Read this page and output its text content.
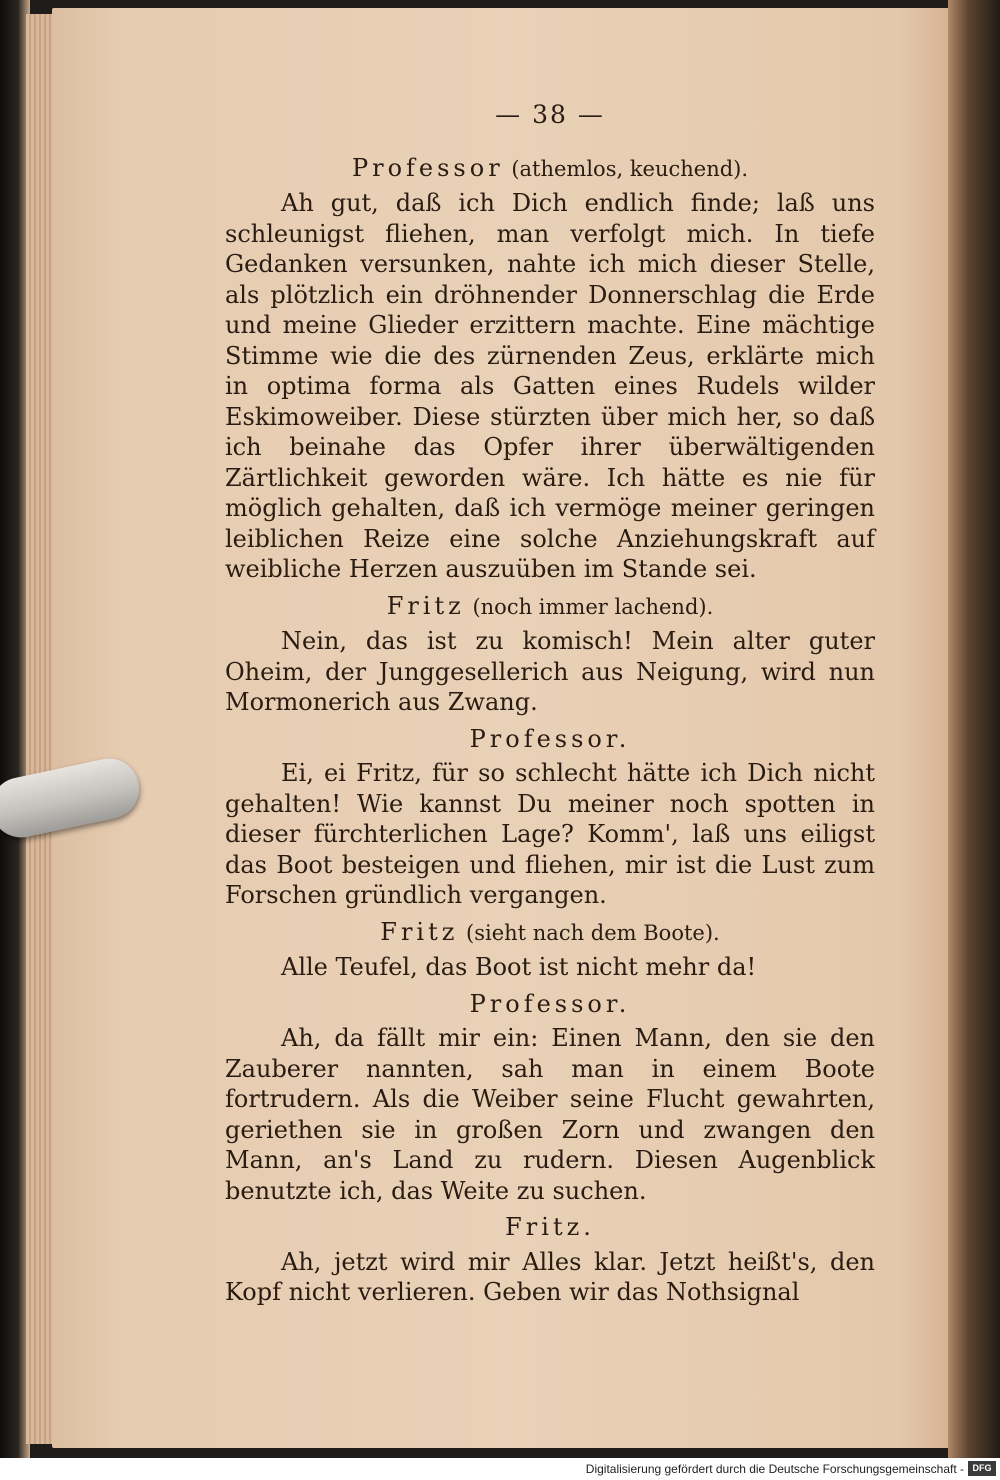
— 38 —
Professor (athemlos, keuchend).

Ah gut, daß ich Dich endlich finde; laß uns schleunigst fliehen, man verfolgt mich. In tiefe Gedanken versunken, nahte ich mich dieser Stelle, als plötzlich ein dröhnender Donnerschlag die Erde und meine Glieder erzittern machte. Eine mächtige Stimme wie die des zürnenden Zeus, erklärte mich in optima forma als Gatten eines Rudels wilder Eskimoweiber. Diese stürzten über mich her, so daß ich beinahe das Opfer ihrer überwältigenden Zärtlichkeit geworden wäre. Ich hätte es nie für möglich gehalten, daß ich vermöge meiner geringen leiblichen Reize eine solche Anziehungskraft auf weibliche Herzen auszuüben im Stande sei.

Fritz (noch immer lachend).

Nein, das ist zu komisch! Mein alter guter Oheim, der Junggesellerich aus Neigung, wird nun Mormonerich aus Zwang.

Professor.

Ei, ei Fritz, für so schlecht hätte ich Dich nicht gehalten! Wie kannst Du meiner noch spotten in dieser fürchterlichen Lage? Komm', laß uns eiligst das Boot besteigen und fliehen, mir ist die Lust zum Forschen gründlich vergangen.

Fritz (sieht nach dem Boote).

Alle Teufel, das Boot ist nicht mehr da!

Professor.

Ah, da fällt mir ein: Einen Mann, den sie den Zauberer nannten, sah man in einem Boote fortrudern. Als die Weiber seine Flucht gewahrten, geriethen sie in großen Zorn und zwangen den Mann, an's Land zu rudern. Diesen Augenblick benutzte ich, das Weite zu suchen.

Fritz.

Ah, jetzt wird mir Alles klar. Jetzt heißt's, den Kopf nicht verlieren. Geben wir das Nothsignal

Digitalisierung gefördert durch die Deutsche Forschungsgemeinschaft - DFG
